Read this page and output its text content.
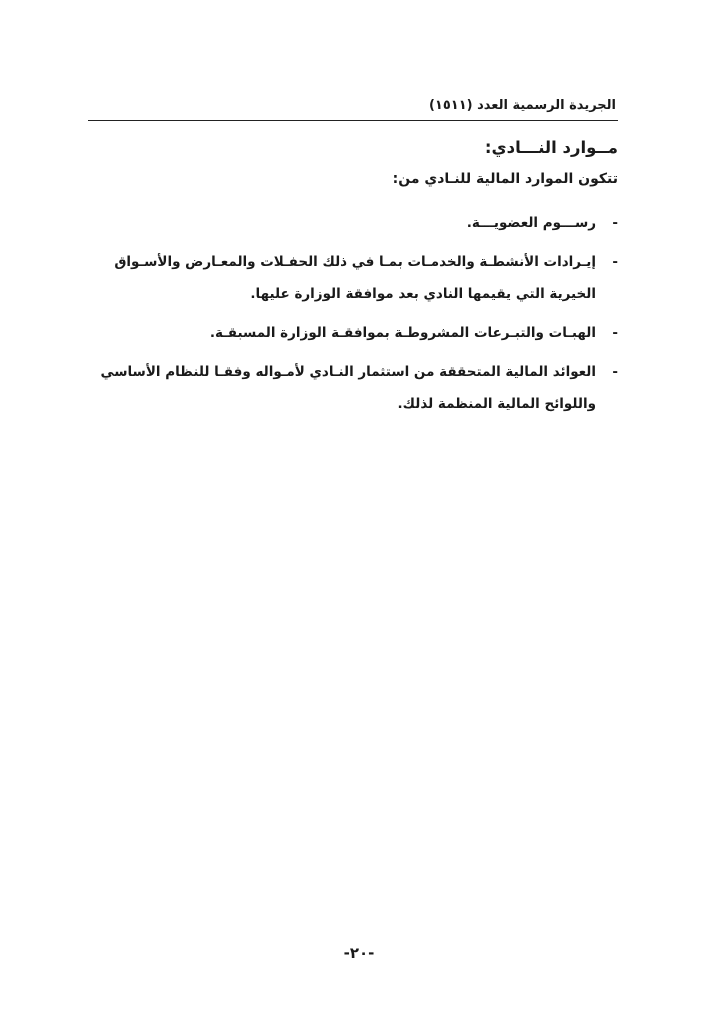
الجريدة الرسمية العدد (١٥١١)
مــوارد النـــادي:
تتكون الموارد المالية للنـادي من:
-
رســـوم العضويـــة.
-
إيـرادات الأنشطـة والخدمـات بمـا في ذلك الحفـلات والمعـارض والأسـواق الخيرية التي يقيمها النادي بعد موافقة الوزارة عليها.
-
الهبـات والتبـرعات المشروطـة بموافقـة الوزارة المسبقـة.
-
العوائد المالية المتحققة من استثمار النـادي لأمـواله وفقـا للنظام الأساسي واللوائح المالية المنظمة لذلك.
-٢٠-
